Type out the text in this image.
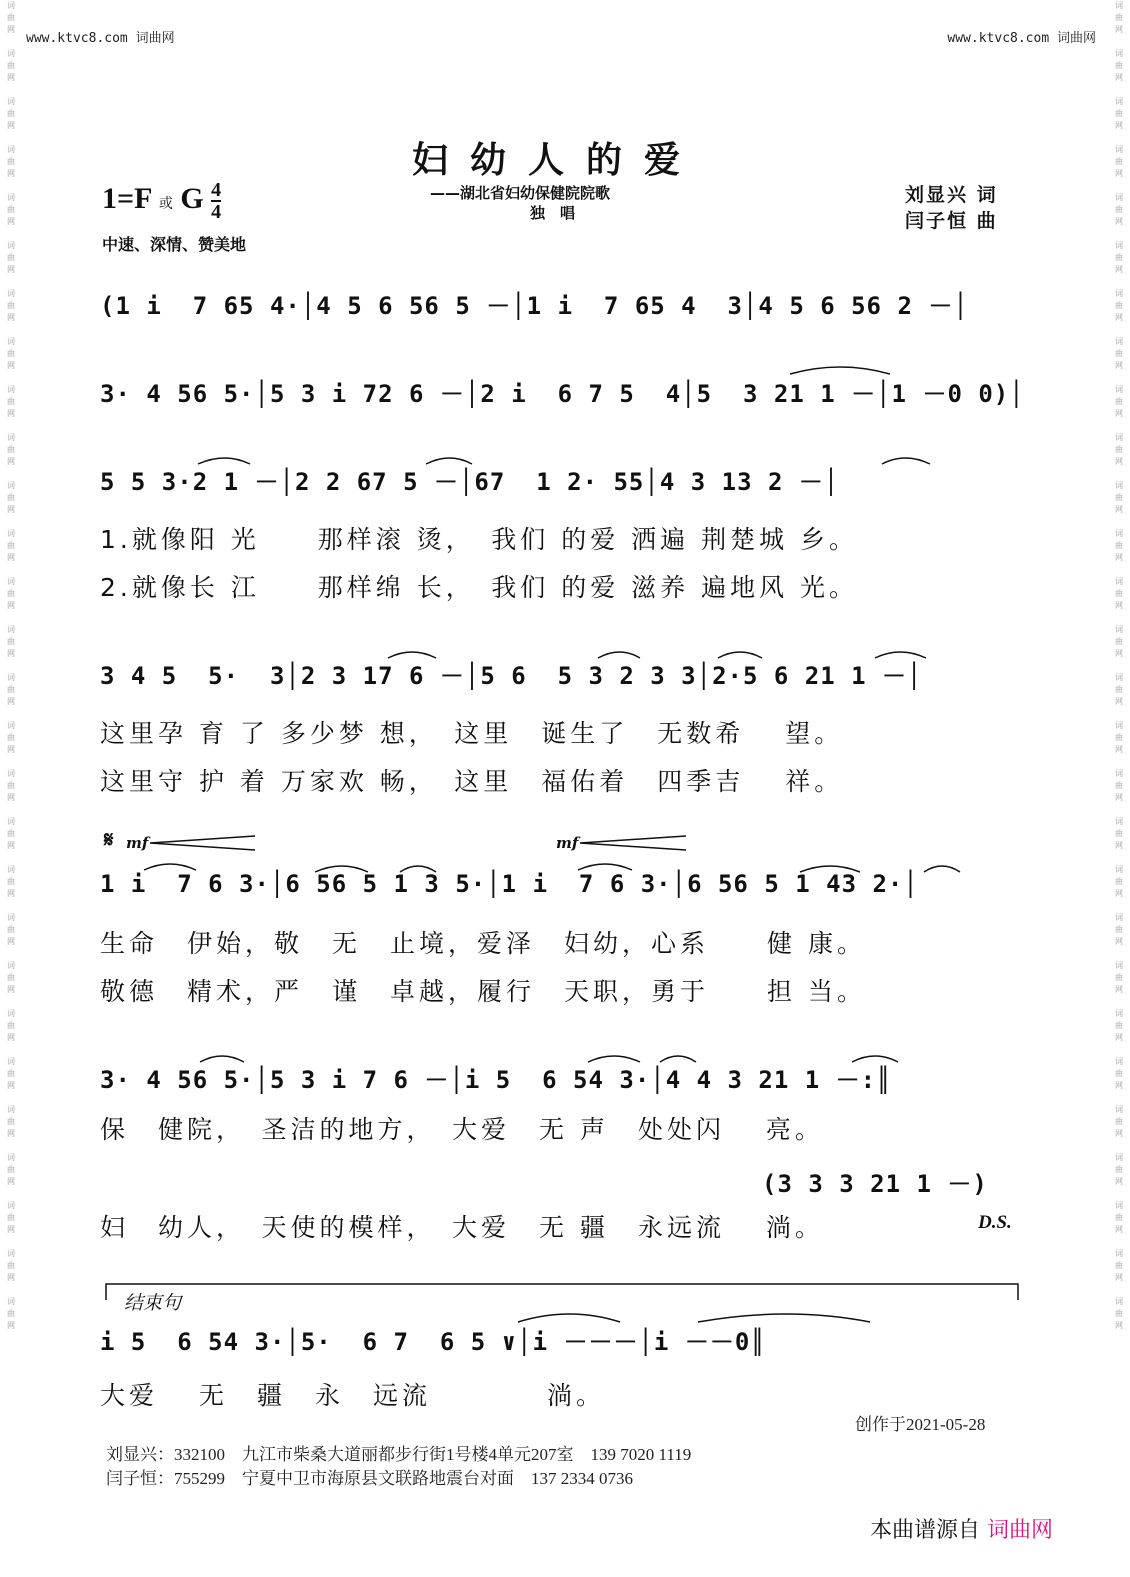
词
曲
网

词
曲
网

词
曲
网

词
曲
网

词
曲
网

词
曲
网

词
曲
网

词
曲
网

词
曲
网

词
曲
网

词
曲
网

词
曲
网

词
曲
网

词
曲
网

词
曲
网

词
曲
网

词
曲
网

词
曲
网

词
曲
网

词
曲
网

词
曲
网

词
曲
网

词
曲
网

词
曲
网

词
曲
网

词
曲
网

词
曲
网

词
曲
网

词
曲
网

词
曲
网

词
曲
网

词
曲
网

词
曲
网

词
曲
网

词
曲
网

词
曲
网

词
曲
网

词
曲
网

词
曲
网

词
曲
网

词
曲
网

词
曲
网

词
曲
网

词
曲
网

词
曲
网

词
曲
网

词
曲
网

词
曲
网

词
曲
网

词
曲
网

词
曲
网

词
曲
网

词
曲
网

词
曲
网

词
曲
网

词
曲
网

www.ktvc8.com 词曲网	www.ktvc8.com 词曲网
妇幼人的爱
——湖北省妇幼保健院院歌
独　唱
1=F 或 G $\frac{4}{4}$
中速、深情、赞美地
刘显兴 词
闫子恒 曲
(1 i  7 65 4·│4 5 6 56 5 －│1 i  7 65 4  3│4 5 6 56 2 －│
3· 4 56 5·│5 3 i 72 6 －│2 i  6 7 5  4│5  3 21 1 －│1 －0 0)│
5 5 3·2 1 －│2 2 67 5 －│67  1 2· 55│4 3 13 2 －│
1.就像阳 光　　那样滚 烫，　我们 的爱 洒遍 荆楚城 乡。
2.就像长 江　　那样绵 长，　我们 的爱 滋养 遍地风 光。
3 4 5  5·  3│2 3 17 6 －│5 6  5 3 2 3 3│2·5 6 21 1 －│
这里孕 育 了 多少梦 想，　这里　诞生了　无数希　 望。
这里守 护 着 万家欢 畅，　这里　福佑着　四季吉　 祥。
𝄋 mf	mf
1 i  7 6 3·│6 56 5 1 3 5·│1 i  7 6 3·│6 56 5 1 43 2·│
生命　伊始，敬　无　止境，爱泽　妇幼，心系　　健 康。
敬德　精术，严　谨　卓越，履行　天职，勇于　　担 当。
3· 4 56 5·│5 3 i 7 6 －│i 5  6 54 3·│4 4 3 21 1 －:║
保　健院，　圣洁的地方，　大爱　无 声　处处闪　 亮。
(3 3 3 21 1 －)
妇　幼人，　天使的模样，　大爱　无 疆　永远流　 淌。	D.S.
结束句
i 5  6 54 3·│5·  6 7  6 5 ∨│i －－－│i －－0║
大爱　 无　疆　永　远流　　　　淌。
创作于2021-05-28
刘显兴：332100　九江市柴桑大道丽都步行街1号楼4单元207室　139 7020 1119
闫子恒：755299　宁夏中卫市海原县文联路地震台对面　137 2334 0736
本曲谱源自 词曲网
